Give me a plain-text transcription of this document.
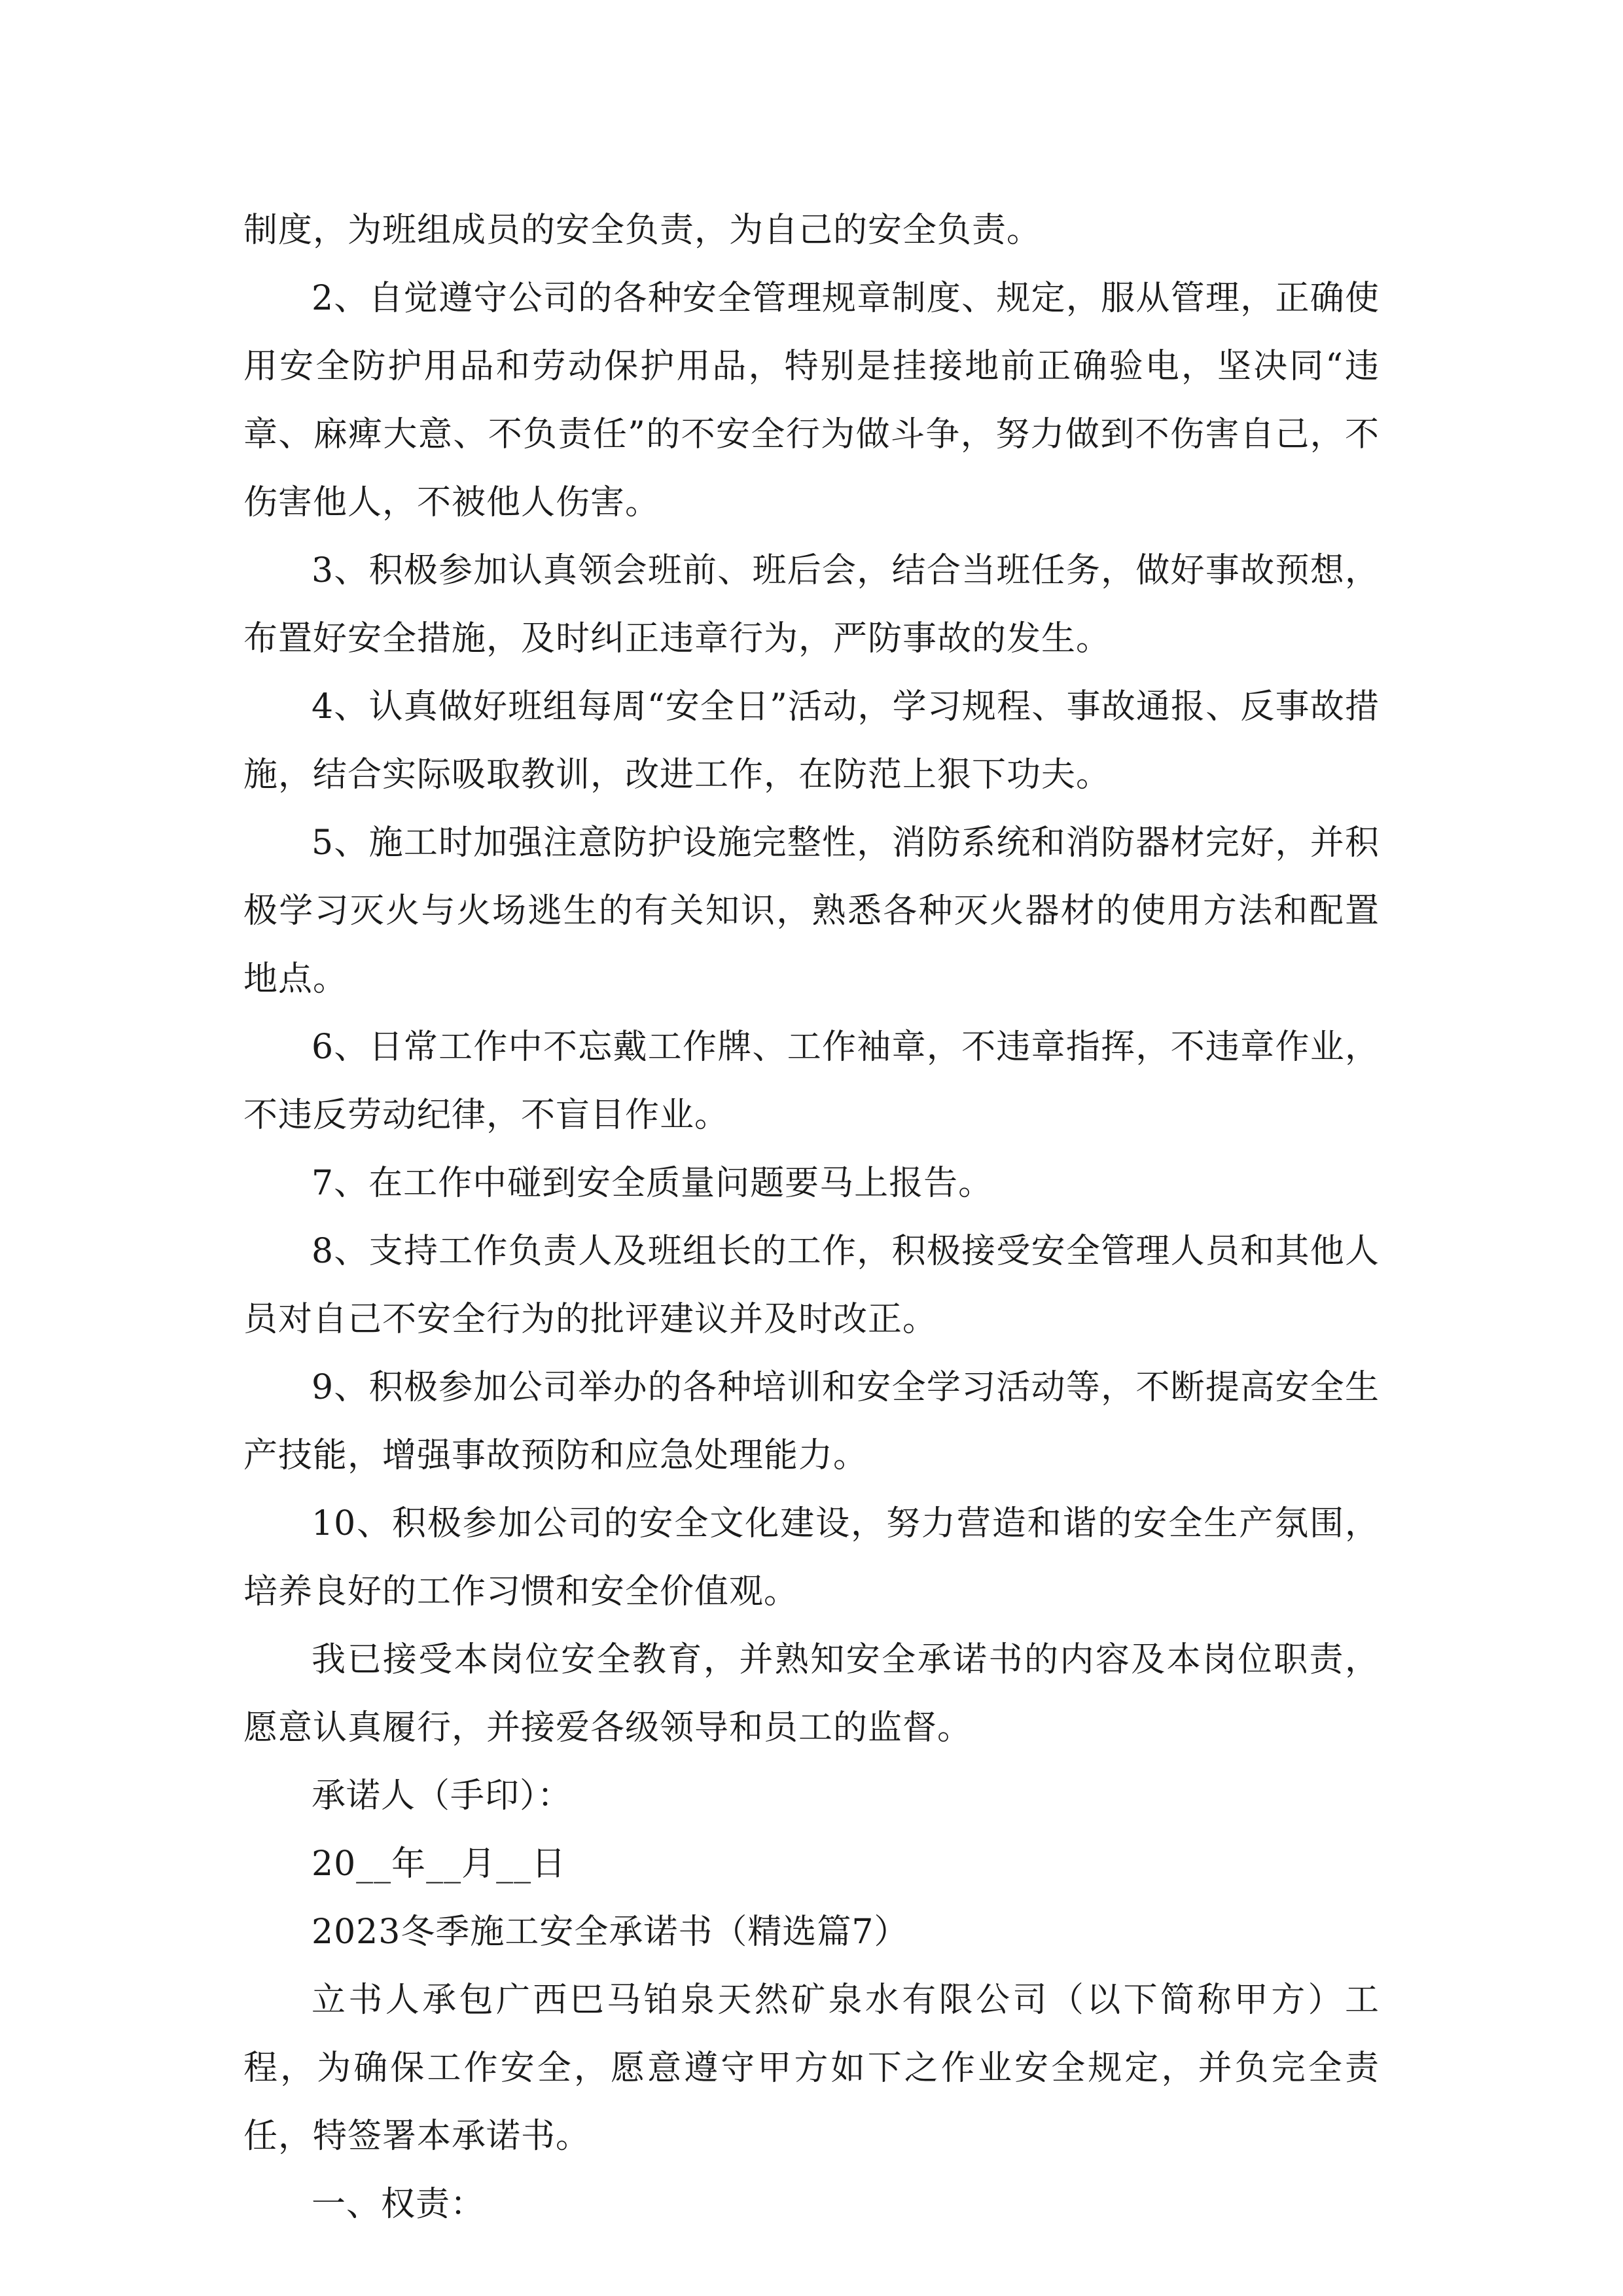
制度，为班组成员的安全负责，为自己的安全负责。

2、自觉遵守公司的各种安全管理规章制度、规定，服从管理，正确使用安全防护用品和劳动保护用品，特别是挂接地前正确验电，坚决同“违章、麻痺大意、不负责任”的不安全行为做斗争，努力做到不伤害自己，不伤害他人，不被他人伤害。

3、积极参加认真领会班前、班后会，结合当班任务，做好事故预想，布置好安全措施，及时纠正违章行为，严防事故的发生。

4、认真做好班组每周“安全日”活动，学习规程、事故通报、反事故措施，结合实际吸取教训，改进工作，在防范上狠下功夫。

5、施工时加强注意防护设施完整性，消防系统和消防器材完好，并积极学习灭火与火场逃生的有关知识，熟悉各种灭火器材的使用方法和配置地点。

6、日常工作中不忘戴工作牌、工作袖章，不违章指挥，不违章作业，不违反劳动纪律，不盲目作业。

7、在工作中碰到安全质量问题要马上报告。

8、支持工作负责人及班组长的工作，积极接受安全管理人员和其他人员对自己不安全行为的批评建议并及时改正。

9、积极参加公司举办的各种培训和安全学习活动等，不断提高安全生产技能，增强事故预防和应急处理能力。

10、积极参加公司的安全文化建设，努力营造和谐的安全生产氛围，培养良好的工作习惯和安全价值观。

我已接受本岗位安全教育，并熟知安全承诺书的内容及本岗位职责，愿意认真履行，并接爱各级领导和员工的监督。

承诺人（手印）：

20__年__月__日

2023冬季施工安全承诺书（精选篇7）

立书人承包广西巴马铂泉天然矿泉水有限公司（以下简称甲方）工程，为确保工作安全，愿意遵守甲方如下之作业安全规定，并负完全责任，特签署本承诺书。

一、权责：
